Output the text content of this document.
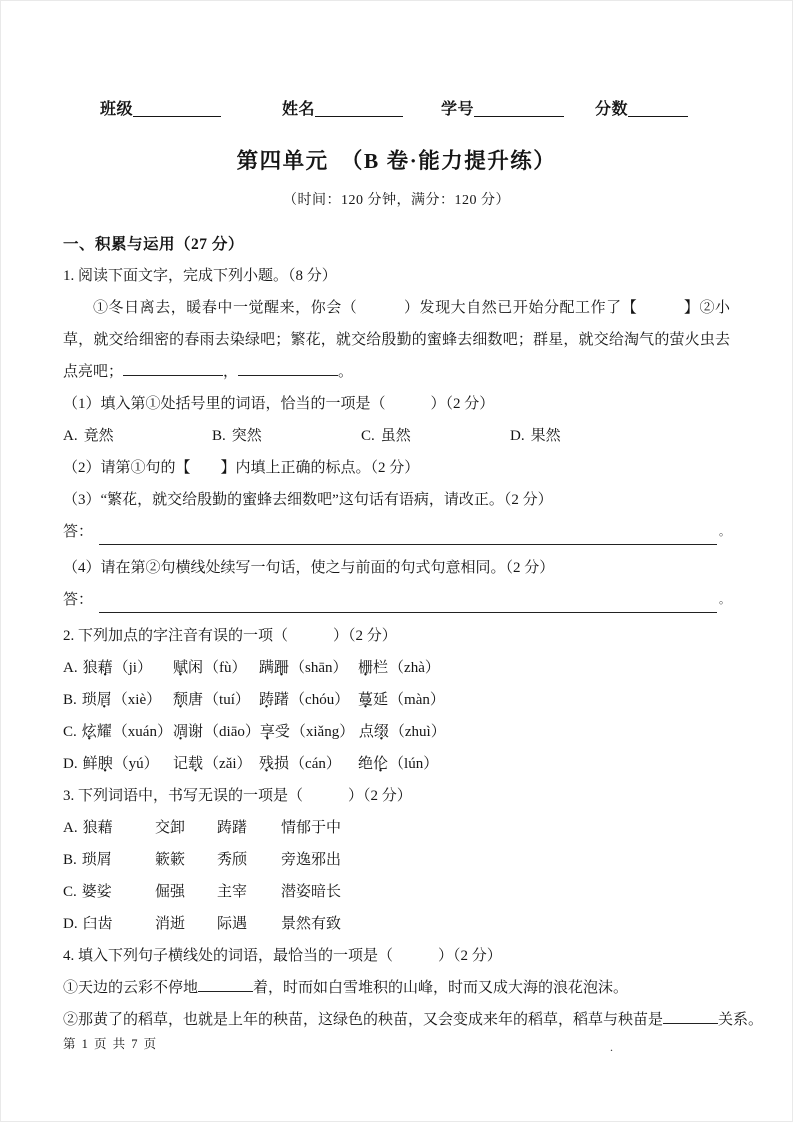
班级	姓名	学号	分数
第四单元　（B 卷·能力提升练）
（时间：120 分钟，满分：120 分）
一、积累与运用（27 分）
1. 阅读下面文字，完成下列小题。（8 分）

①冬日离去，暖春中一觉醒来，你会（　　　）发现大自然已开始分配工作了【　　　】②小草，就交给细密的春雨去染绿吧；繁花，就交给殷勤的蜜蜂去细数吧；群星，就交给淘气的萤火虫去点亮吧；	，	。

（1）填入第①处括号里的词语，恰当的一项是（　　　）（2 分）
A. 竟然	B. 突然	C. 虽然	D. 果然
（2）请第①句的【　　】内填上正确的标点。（2 分）
（3）“繁花，就交给殷勤的蜜蜂去细数吧”这句话有语病，请改正。（2 分）
答：	。
（4）请在第②句横线处续写一句话，使之与前面的句式句意相同。（2 分）
答：	。
2. 下列加点的字注音有误的一项（　　　）（2 分）
A. 狼藉（ji）	赋闲（fù） 蹒跚（shān） 栅栏（zhà）
B. 琐屑（xiè） 颓唐（tuí） 踌躇（chóu） 蔓延（màn）
C. 炫耀（xuán） 凋谢（diāo） 享受（xiǎng） 点缀（zhuì）
D. 鲜腴（yú） 记载（zǎi） 残损（cán）	绝伦（lún）
3. 下列词语中，书写无误的一项是（　　　）（2 分）
A. 狼藉	交卸	踌躇	情郁于中
B. 琐屑	簌簌	秀颀	旁逸邪出
C. 婆娑	倔强	主宰	潜姿暗长
D. 臼齿	消逝	际遇	景然有致
4. 填入下列句子横线处的词语，最恰当的一项是（　　　）（2 分）
①天边的云彩不停地	着，时而如白雪堆积的山峰，时而又成大海的浪花泡沫。
②那黄了的稻草，也就是上年的秧苗，这绿色的秧苗，又会变成来年的稻草，稻草与秧苗是	关系。
第 1 页 共 7 页	.
